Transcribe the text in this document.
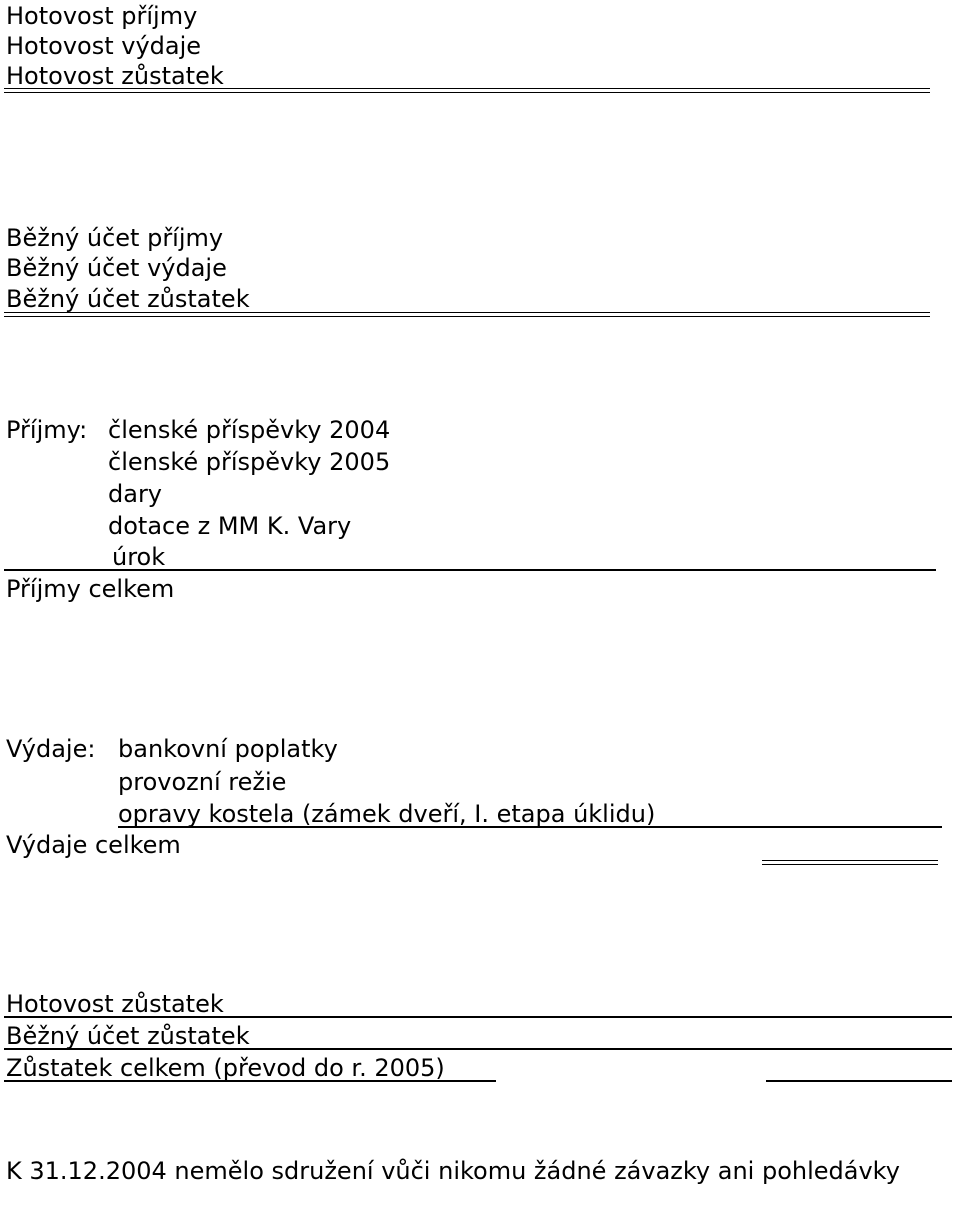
Hotovost příjmy
Hotovost výdaje
Hotovost zůstatek
Běžný účet příjmy
Běžný účet výdaje
Běžný účet zůstatek
Příjmy: členské příspěvky 2004
členské příspěvky 2005
dary
dotace z MM K. Vary
úrok
Příjmy celkem
Výdaje: bankovní poplatky
provozní režie
opravy kostela (zámek dveří, I. etapa úklidu)
Výdaje celkem
Hotovost zůstatek
Běžný účet zůstatek
Zůstatek celkem (převod do r. 2005)
K 31.12.2004 nemělo sdružení vůči nikomu žádné závazky ani pohledávky
